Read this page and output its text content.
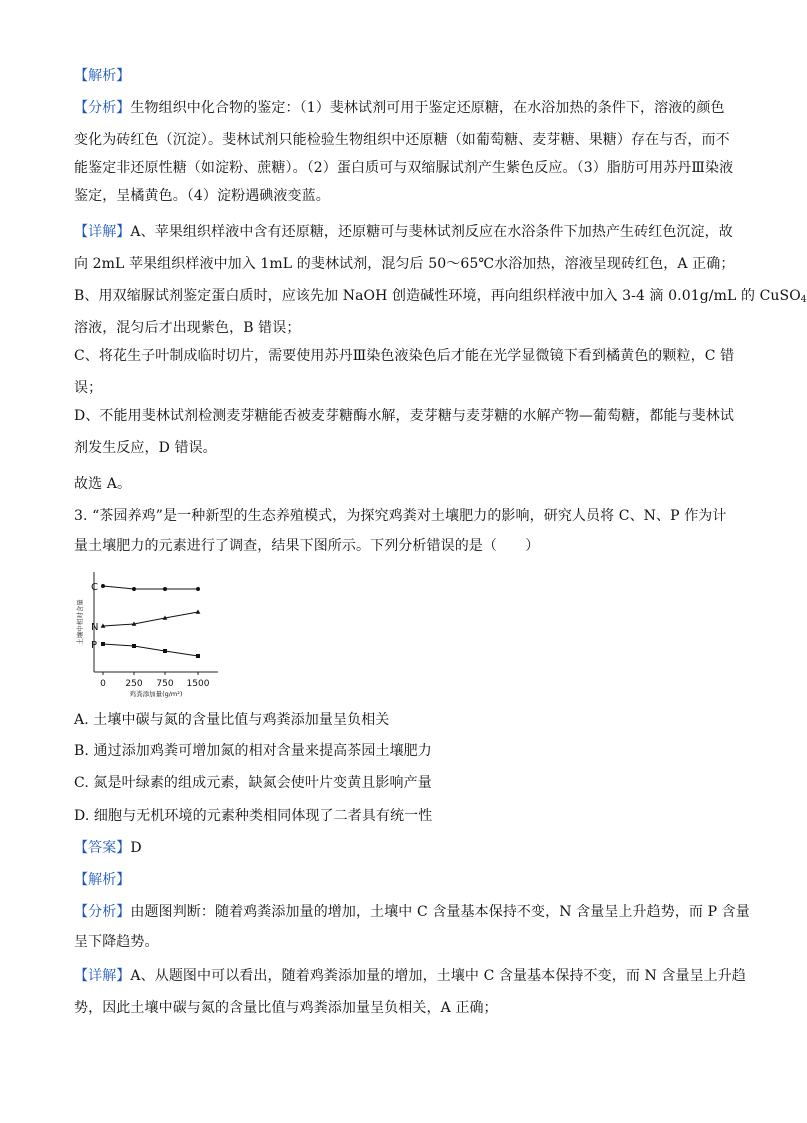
【解析】
【分析】生物组织中化合物的鉴定：（1）斐林试剂可用于鉴定还原糖，在水浴加热的条件下，溶液的颜色
变化为砖红色（沉淀）。斐林试剂只能检验生物组织中还原糖（如葡萄糖、麦芽糖、果糖）存在与否，而不
能鉴定非还原性糖（如淀粉、蔗糖）。（2）蛋白质可与双缩脲试剂产生紫色反应。（3）脂肪可用苏丹Ⅲ染液
鉴定，呈橘黄色。（4）淀粉遇碘液变蓝。
【详解】A、苹果组织样液中含有还原糖，还原糖可与斐林试剂反应在水浴条件下加热产生砖红色沉淀，故
向 2mL 苹果组织样液中加入 1mL 的斐林试剂，混匀后 50～65℃水浴加热，溶液呈现砖红色，A 正确；
B、用双缩脲试剂鉴定蛋白质时，应该先加 NaOH 创造碱性环境，再向组织样液中加入 3-4 滴 0.01g/mL 的 CuSO$_4$
溶液，混匀后才出现紫色，B 错误；
C、将花生子叶制成临时切片，需要使用苏丹Ⅲ染色液染色后才能在光学显微镜下看到橘黄色的颗粒，C 错
误；
D、不能用斐林试剂检测麦芽糖能否被麦芽糖酶水解，麦芽糖与麦芽糖的水解产物—葡萄糖，都能与斐林试
剂发生反应，D 错误。
故选 A。
3. “茶园养鸡”是一种新型的生态养殖模式，为探究鸡粪对土壤肥力的影响，研究人员将 C、N、P 作为计
量土壤肥力的元素进行了调查，结果下图所示。下列分析错误的是（　　）
A. 土壤中碳与氮的含量比值与鸡粪添加量呈负相关
B. 通过添加鸡粪可增加氮的相对含量来提高茶园土壤肥力
C. 氮是叶绿素的组成元素，缺氮会使叶片变黄且影响产量
D. 细胞与无机环境的元素种类相同体现了二者具有统一性
【答案】D
【解析】
【分析】由题图判断：随着鸡粪添加量的增加，土壤中 C 含量基本保持不变，N 含量呈上升趋势，而 P 含量
呈下降趋势。
【详解】A、从题图中可以看出，随着鸡粪添加量的增加，土壤中 C 含量基本保持不变，而 N 含量呈上升趋
势，因此土壤中碳与氮的含量比值与鸡粪添加量呈负相关，A 正确；
0 250 750 1500
鸡粪添加量(g/m²)
土壤中相对含量
C
N
P
